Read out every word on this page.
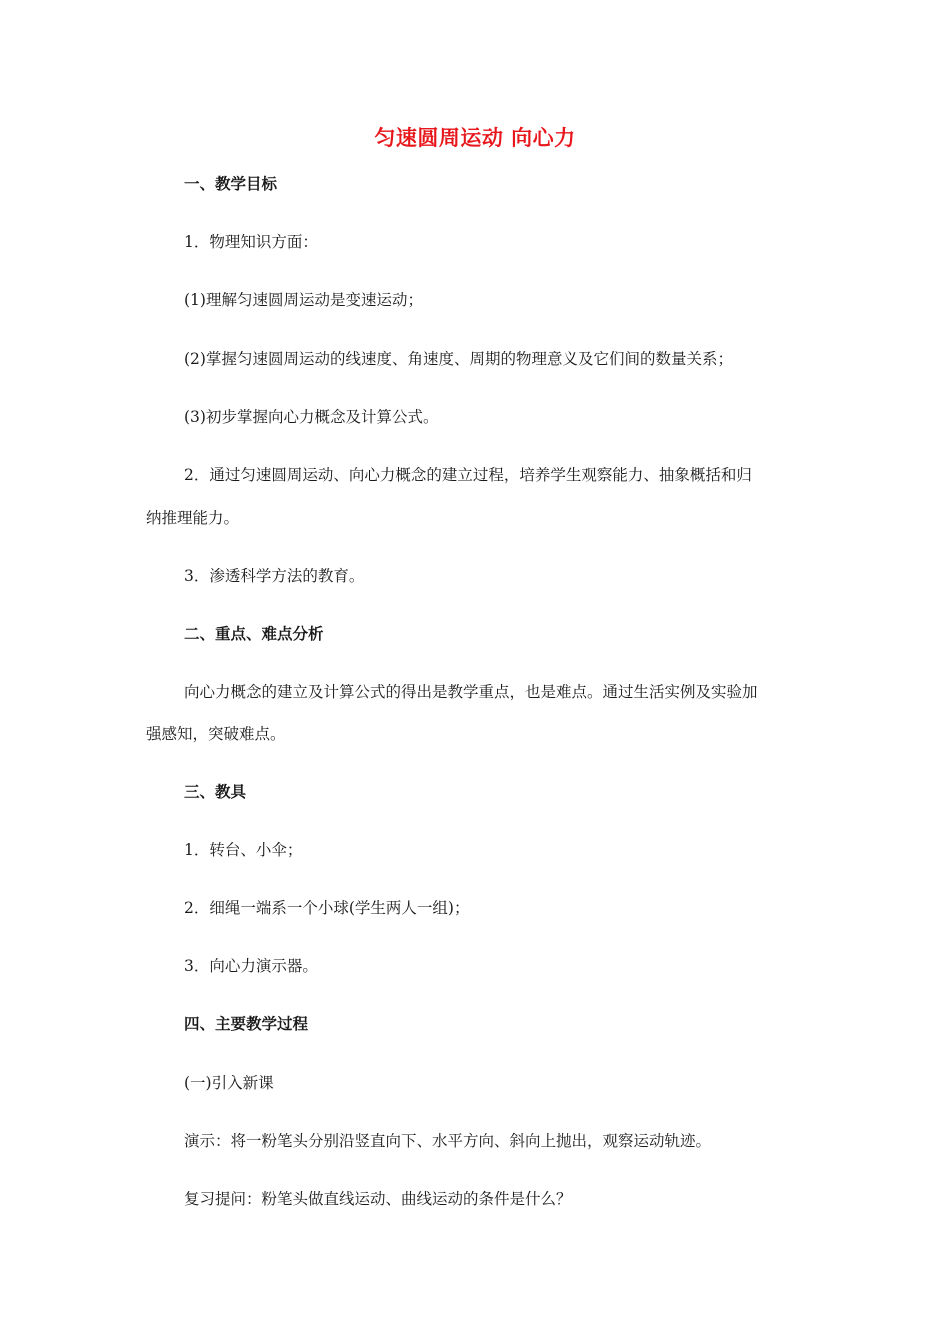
匀速圆周运动 向心力
一、教学目标
1．物理知识方面：
(1)理解匀速圆周运动是变速运动；
(2)掌握匀速圆周运动的线速度、角速度、周期的物理意义及它们间的数量关系；
(3)初步掌握向心力概念及计算公式。
2．通过匀速圆周运动、向心力概念的建立过程，培养学生观察能力、抽象概括和归
纳推理能力。
3．渗透科学方法的教育。
二、重点、难点分析
向心力概念的建立及计算公式的得出是教学重点，也是难点。通过生活实例及实验加
强感知，突破难点。
三、教具
1．转台、小伞；
2．细绳一端系一个小球(学生两人一组)；
3．向心力演示器。
四、主要教学过程
(一)引入新课
演示：将一粉笔头分别沿竖直向下、水平方向、斜向上抛出，观察运动轨迹。
复习提问：粉笔头做直线运动、曲线运动的条件是什么？
